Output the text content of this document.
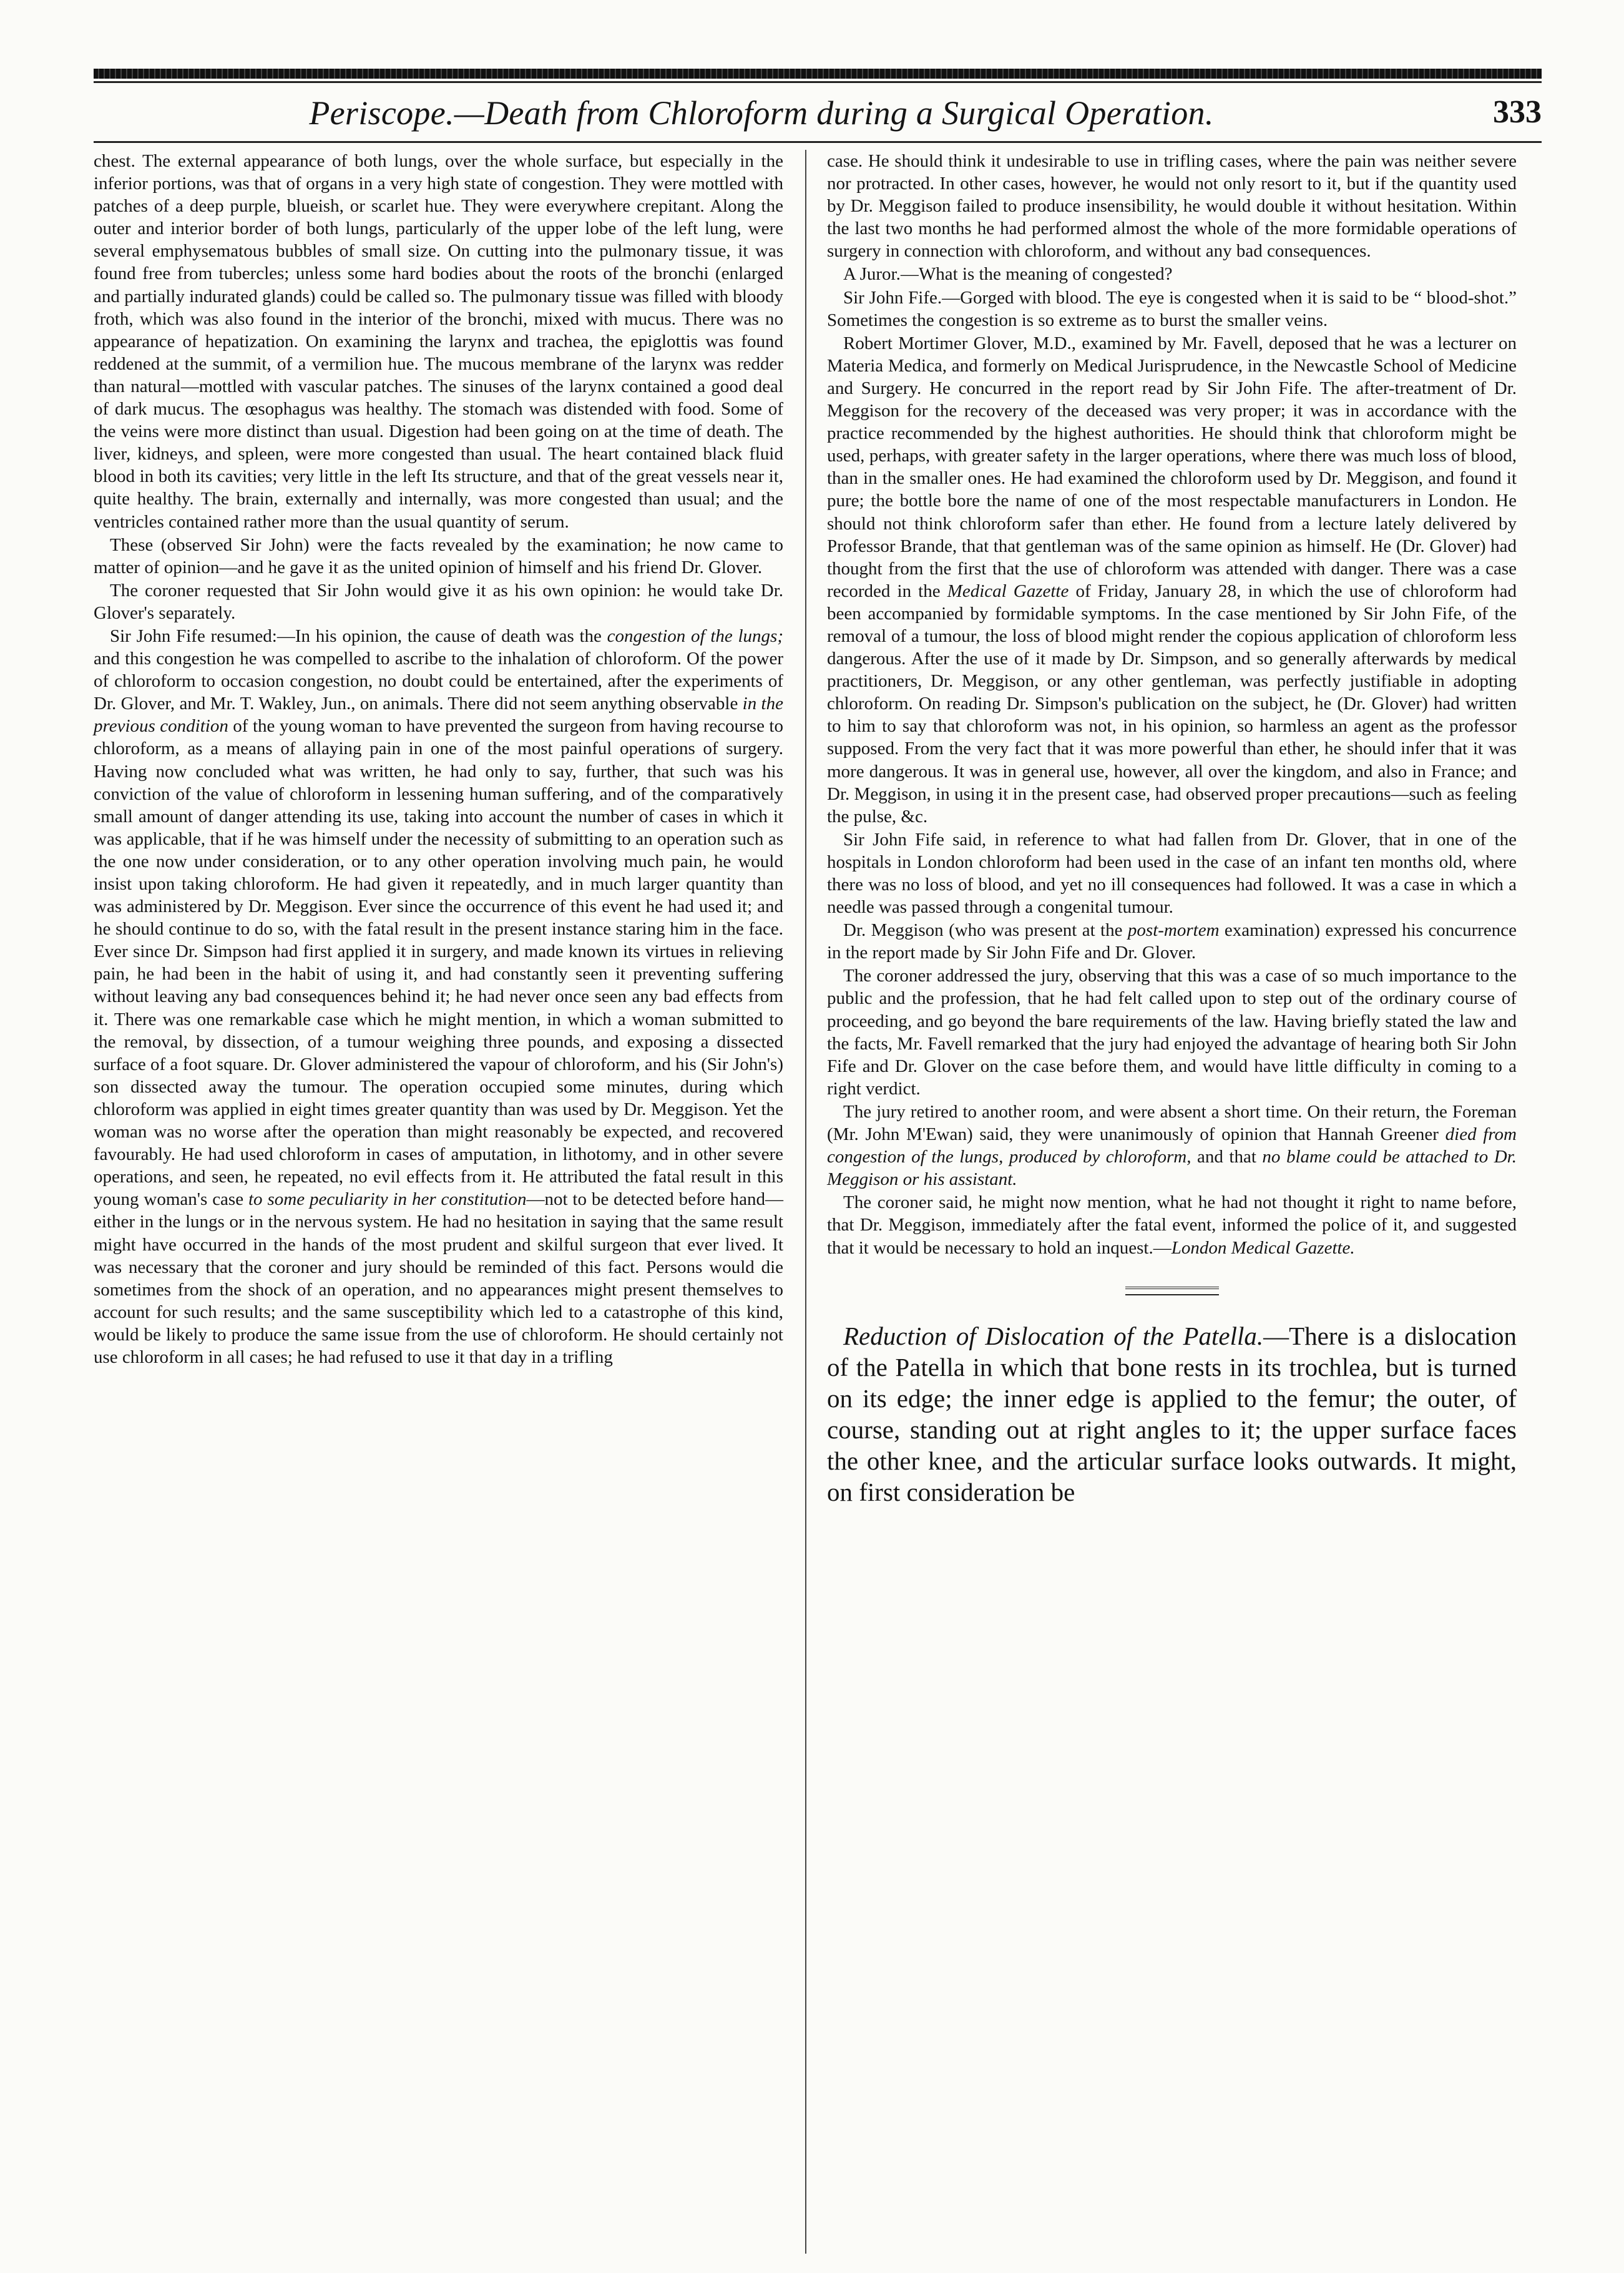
Periscope.—Death from Chloroform during a Surgical Operation.	333

chest. The external appearance of both lungs, over the whole surface, but especially in the inferior portions, was that of organs in a very high state of congestion. They were mottled with patches of a deep purple, blueish, or scarlet hue. They were everywhere crepitant. Along the outer and interior border of both lungs, particularly of the upper lobe of the left lung, were several emphysematous bubbles of small size. On cutting into the pulmonary tissue, it was found free from tubercles; unless some hard bodies about the roots of the bronchi (enlarged and partially indurated glands) could be called so. The pulmonary tissue was filled with bloody froth, which was also found in the interior of the bronchi, mixed with mucus. There was no appearance of hepatization. On examining the larynx and trachea, the epiglottis was found reddened at the summit, of a vermilion hue. The mucous membrane of the larynx was redder than natural—mottled with vascular patches. The sinuses of the larynx contained a good deal of dark mucus. The œsophagus was healthy. The stomach was distended with food. Some of the veins were more distinct than usual. Digestion had been going on at the time of death. The liver, kidneys, and spleen, were more congested than usual. The heart contained black fluid blood in both its cavities; very little in the left Its structure, and that of the great vessels near it, quite healthy. The brain, externally and internally, was more congested than usual; and the ventricles contained rather more than the usual quantity of serum.

These (observed Sir John) were the facts revealed by the examination; he now came to matter of opinion—and he gave it as the united opinion of himself and his friend Dr. Glover.

The coroner requested that Sir John would give it as his own opinion: he would take Dr. Glover's separately.

Sir John Fife resumed:—In his opinion, the cause of death was the congestion of the lungs; and this congestion he was compelled to ascribe to the inhalation of chloroform. Of the power of chloroform to occasion congestion, no doubt could be entertained, after the experiments of Dr. Glover, and Mr. T. Wakley, Jun., on animals. There did not seem anything observable in the previous condition of the young woman to have prevented the surgeon from having recourse to chloroform, as a means of allaying pain in one of the most painful operations of surgery. Having now concluded what was written, he had only to say, further, that such was his conviction of the value of chloroform in lessening human suffering, and of the comparatively small amount of danger attending its use, taking into account the number of cases in which it was applicable, that if he was himself under the necessity of submitting to an operation such as the one now under consideration, or to any other operation involving much pain, he would insist upon taking chloroform. He had given it repeatedly, and in much larger quantity than was administered by Dr. Meggison. Ever since the occurrence of this event he had used it; and he should continue to do so, with the fatal result in the present instance staring him in the face. Ever since Dr. Simpson had first applied it in surgery, and made known its virtues in relieving pain, he had been in the habit of using it, and had constantly seen it preventing suffering without leaving any bad consequences behind it; he had never once seen any bad effects from it. There was one remarkable case which he might mention, in which a woman submitted to the removal, by dissection, of a tumour weighing three pounds, and exposing a dissected surface of a foot square. Dr. Glover administered the vapour of chloroform, and his (Sir John's) son dissected away the tumour. The operation occupied some minutes, during which chloroform was applied in eight times greater quantity than was used by Dr. Meggison. Yet the woman was no worse after the operation than might reasonably be expected, and recovered favourably. He had used chloroform in cases of amputation, in lithotomy, and in other severe operations, and seen, he repeated, no evil effects from it. He attributed the fatal result in this young woman's case to some peculiarity in her constitution—not to be detected before hand—either in the lungs or in the nervous system. He had no hesitation in saying that the same result might have occurred in the hands of the most prudent and skilful surgeon that ever lived. It was necessary that the coroner and jury should be reminded of this fact. Persons would die sometimes from the shock of an operation, and no appearances might present themselves to account for such results; and the same susceptibility which led to a catastrophe of this kind, would be likely to produce the same issue from the use of chloroform. He should certainly not use chloroform in all cases; he had refused to use it that day in a trifling

case. He should think it undesirable to use in trifling cases, where the pain was neither severe nor protracted. In other cases, however, he would not only resort to it, but if the quantity used by Dr. Meggison failed to produce insensibility, he would double it without hesitation. Within the last two months he had performed almost the whole of the more formidable operations of surgery in connection with chloroform, and without any bad consequences.

A Juror.—What is the meaning of congested?

Sir John Fife.—Gorged with blood. The eye is congested when it is said to be “ blood-shot.” Sometimes the congestion is so extreme as to burst the smaller veins.

Robert Mortimer Glover, M.D., examined by Mr. Favell, deposed that he was a lecturer on Materia Medica, and formerly on Medical Jurisprudence, in the Newcastle School of Medicine and Surgery. He concurred in the report read by Sir John Fife. The after-treatment of Dr. Meggison for the recovery of the deceased was very proper; it was in accordance with the practice recommended by the highest authorities. He should think that chloroform might be used, perhaps, with greater safety in the larger operations, where there was much loss of blood, than in the smaller ones. He had examined the chloroform used by Dr. Meggison, and found it pure; the bottle bore the name of one of the most respectable manufacturers in London. He should not think chloroform safer than ether. He found from a lecture lately delivered by Professor Brande, that that gentleman was of the same opinion as himself. He (Dr. Glover) had thought from the first that the use of chloroform was attended with danger. There was a case recorded in the Medical Gazette of Friday, January 28, in which the use of chloroform had been accompanied by formidable symptoms. In the case mentioned by Sir John Fife, of the removal of a tumour, the loss of blood might render the copious application of chloroform less dangerous. After the use of it made by Dr. Simpson, and so generally afterwards by medical practitioners, Dr. Meggison, or any other gentleman, was perfectly justifiable in adopting chloroform. On reading Dr. Simpson's publication on the subject, he (Dr. Glover) had written to him to say that chloroform was not, in his opinion, so harmless an agent as the professor supposed. From the very fact that it was more powerful than ether, he should infer that it was more dangerous. It was in general use, however, all over the kingdom, and also in France; and Dr. Meggison, in using it in the present case, had observed proper precautions—such as feeling the pulse, &c.

Sir John Fife said, in reference to what had fallen from Dr. Glover, that in one of the hospitals in London chloroform had been used in the case of an infant ten months old, where there was no loss of blood, and yet no ill consequences had followed. It was a case in which a needle was passed through a congenital tumour.

Dr. Meggison (who was present at the post-mortem examination) expressed his concurrence in the report made by Sir John Fife and Dr. Glover.

The coroner addressed the jury, observing that this was a case of so much importance to the public and the profession, that he had felt called upon to step out of the ordinary course of proceeding, and go beyond the bare requirements of the law. Having briefly stated the law and the facts, Mr. Favell remarked that the jury had enjoyed the advantage of hearing both Sir John Fife and Dr. Glover on the case before them, and would have little difficulty in coming to a right verdict.

The jury retired to another room, and were absent a short time. On their return, the Foreman (Mr. John M'Ewan) said, they were unanimously of opinion that Hannah Greener died from congestion of the lungs, produced by chloroform, and that no blame could be attached to Dr. Meggison or his assistant.

The coroner said, he might now mention, what he had not thought it right to name before, that Dr. Meggison, immediately after the fatal event, informed the police of it, and suggested that it would be necessary to hold an inquest.—London Medical Gazette.

Reduction of Dislocation of the Patella.—There is a dislocation of the Patella in which that bone rests in its trochlea, but is turned on its edge; the inner edge is applied to the femur; the outer, of course, standing out at right angles to it; the upper surface faces the other knee, and the articular surface looks outwards. It might, on first consideration be
